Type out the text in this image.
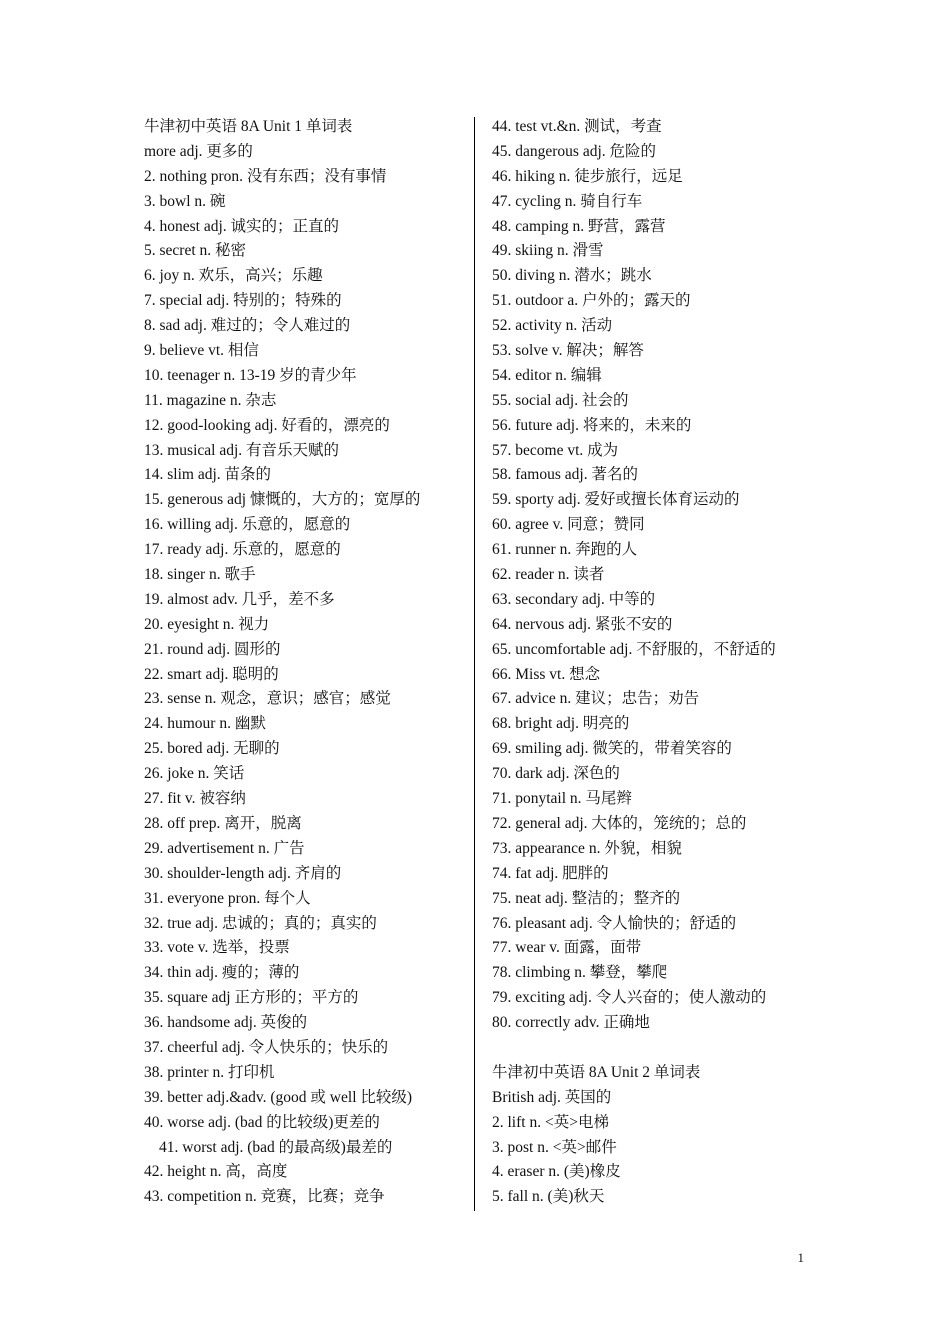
牛津初中英语 8A Unit 1 单词表
more adj. 更多的
2. nothing pron. 没有东西；没有事情
3. bowl n. 碗
4. honest adj. 诚实的；正直的
5. secret n. 秘密
6. joy n. 欢乐，高兴；乐趣
7. special adj. 特别的；特殊的
8. sad adj. 难过的；令人难过的
9. believe vt. 相信
10. teenager n. 13-19 岁的青少年
11. magazine n. 杂志
12. good-looking adj. 好看的，漂亮的
13. musical adj. 有音乐天赋的
14. slim adj. 苗条的
15. generous adj 慷慨的，大方的；宽厚的
16. willing adj. 乐意的，愿意的
17. ready adj. 乐意的，愿意的
18. singer n. 歌手
19. almost adv. 几乎，差不多
20. eyesight n. 视力
21. round adj. 圆形的
22. smart adj. 聪明的
23. sense n. 观念，意识；感官；感觉
24. humour n. 幽默
25. bored adj. 无聊的
26. joke n. 笑话
27. fit v. 被容纳
28. off prep. 离开，脱离
29. advertisement n. 广告
30. shoulder-length adj. 齐肩的
31. everyone pron. 每个人
32. true adj. 忠诚的；真的；真实的
33. vote v. 选举，投票
34. thin adj. 瘦的；薄的
35. square adj 正方形的；平方的
36. handsome adj. 英俊的
37. cheerful adj. 令人快乐的；快乐的
38. printer n. 打印机
39. better adj.&adv. (good 或 well 比较级)
40. worse adj. (bad 的比较级)更差的
41. worst adj. (bad 的最高级)最差的
42. height n. 高，高度
43. competition n. 竞赛，比赛；竞争
44. test vt.&n. 测试，考查
45. dangerous adj. 危险的
46. hiking n. 徒步旅行，远足
47. cycling n. 骑自行车
48. camping n. 野营，露营
49. skiing n. 滑雪
50. diving n. 潜水；跳水
51. outdoor a. 户外的；露天的
52. activity n. 活动
53. solve v. 解决；解答
54. editor n. 编辑
55. social adj. 社会的
56. future adj. 将来的，未来的
57. become vt. 成为
58. famous adj. 著名的
59. sporty adj. 爱好或擅长体育运动的
60. agree v. 同意；赞同
61. runner n. 奔跑的人
62. reader n. 读者
63. secondary adj. 中等的
64. nervous adj. 紧张不安的
65. uncomfortable adj. 不舒服的，不舒适的
66. Miss vt. 想念
67. advice n. 建议；忠告；劝告
68. bright adj. 明亮的
69. smiling adj. 微笑的，带着笑容的
70. dark adj. 深色的
71. ponytail n. 马尾辫
72. general adj. 大体的，笼统的；总的
73. appearance n. 外貌，相貌
74. fat adj. 肥胖的
75. neat adj. 整洁的；整齐的
76. pleasant adj. 令人愉快的；舒适的
77. wear v. 面露，面带
78. climbing n. 攀登，攀爬
79. exciting adj. 令人兴奋的；使人激动的
80. correctly adv. 正确地
牛津初中英语 8A Unit 2 单词表
British adj. 英国的
2. lift n. <英>电梯
3. post n. <英>邮件
4. eraser n. (美)橡皮
5. fall n. (美)秋天
1
